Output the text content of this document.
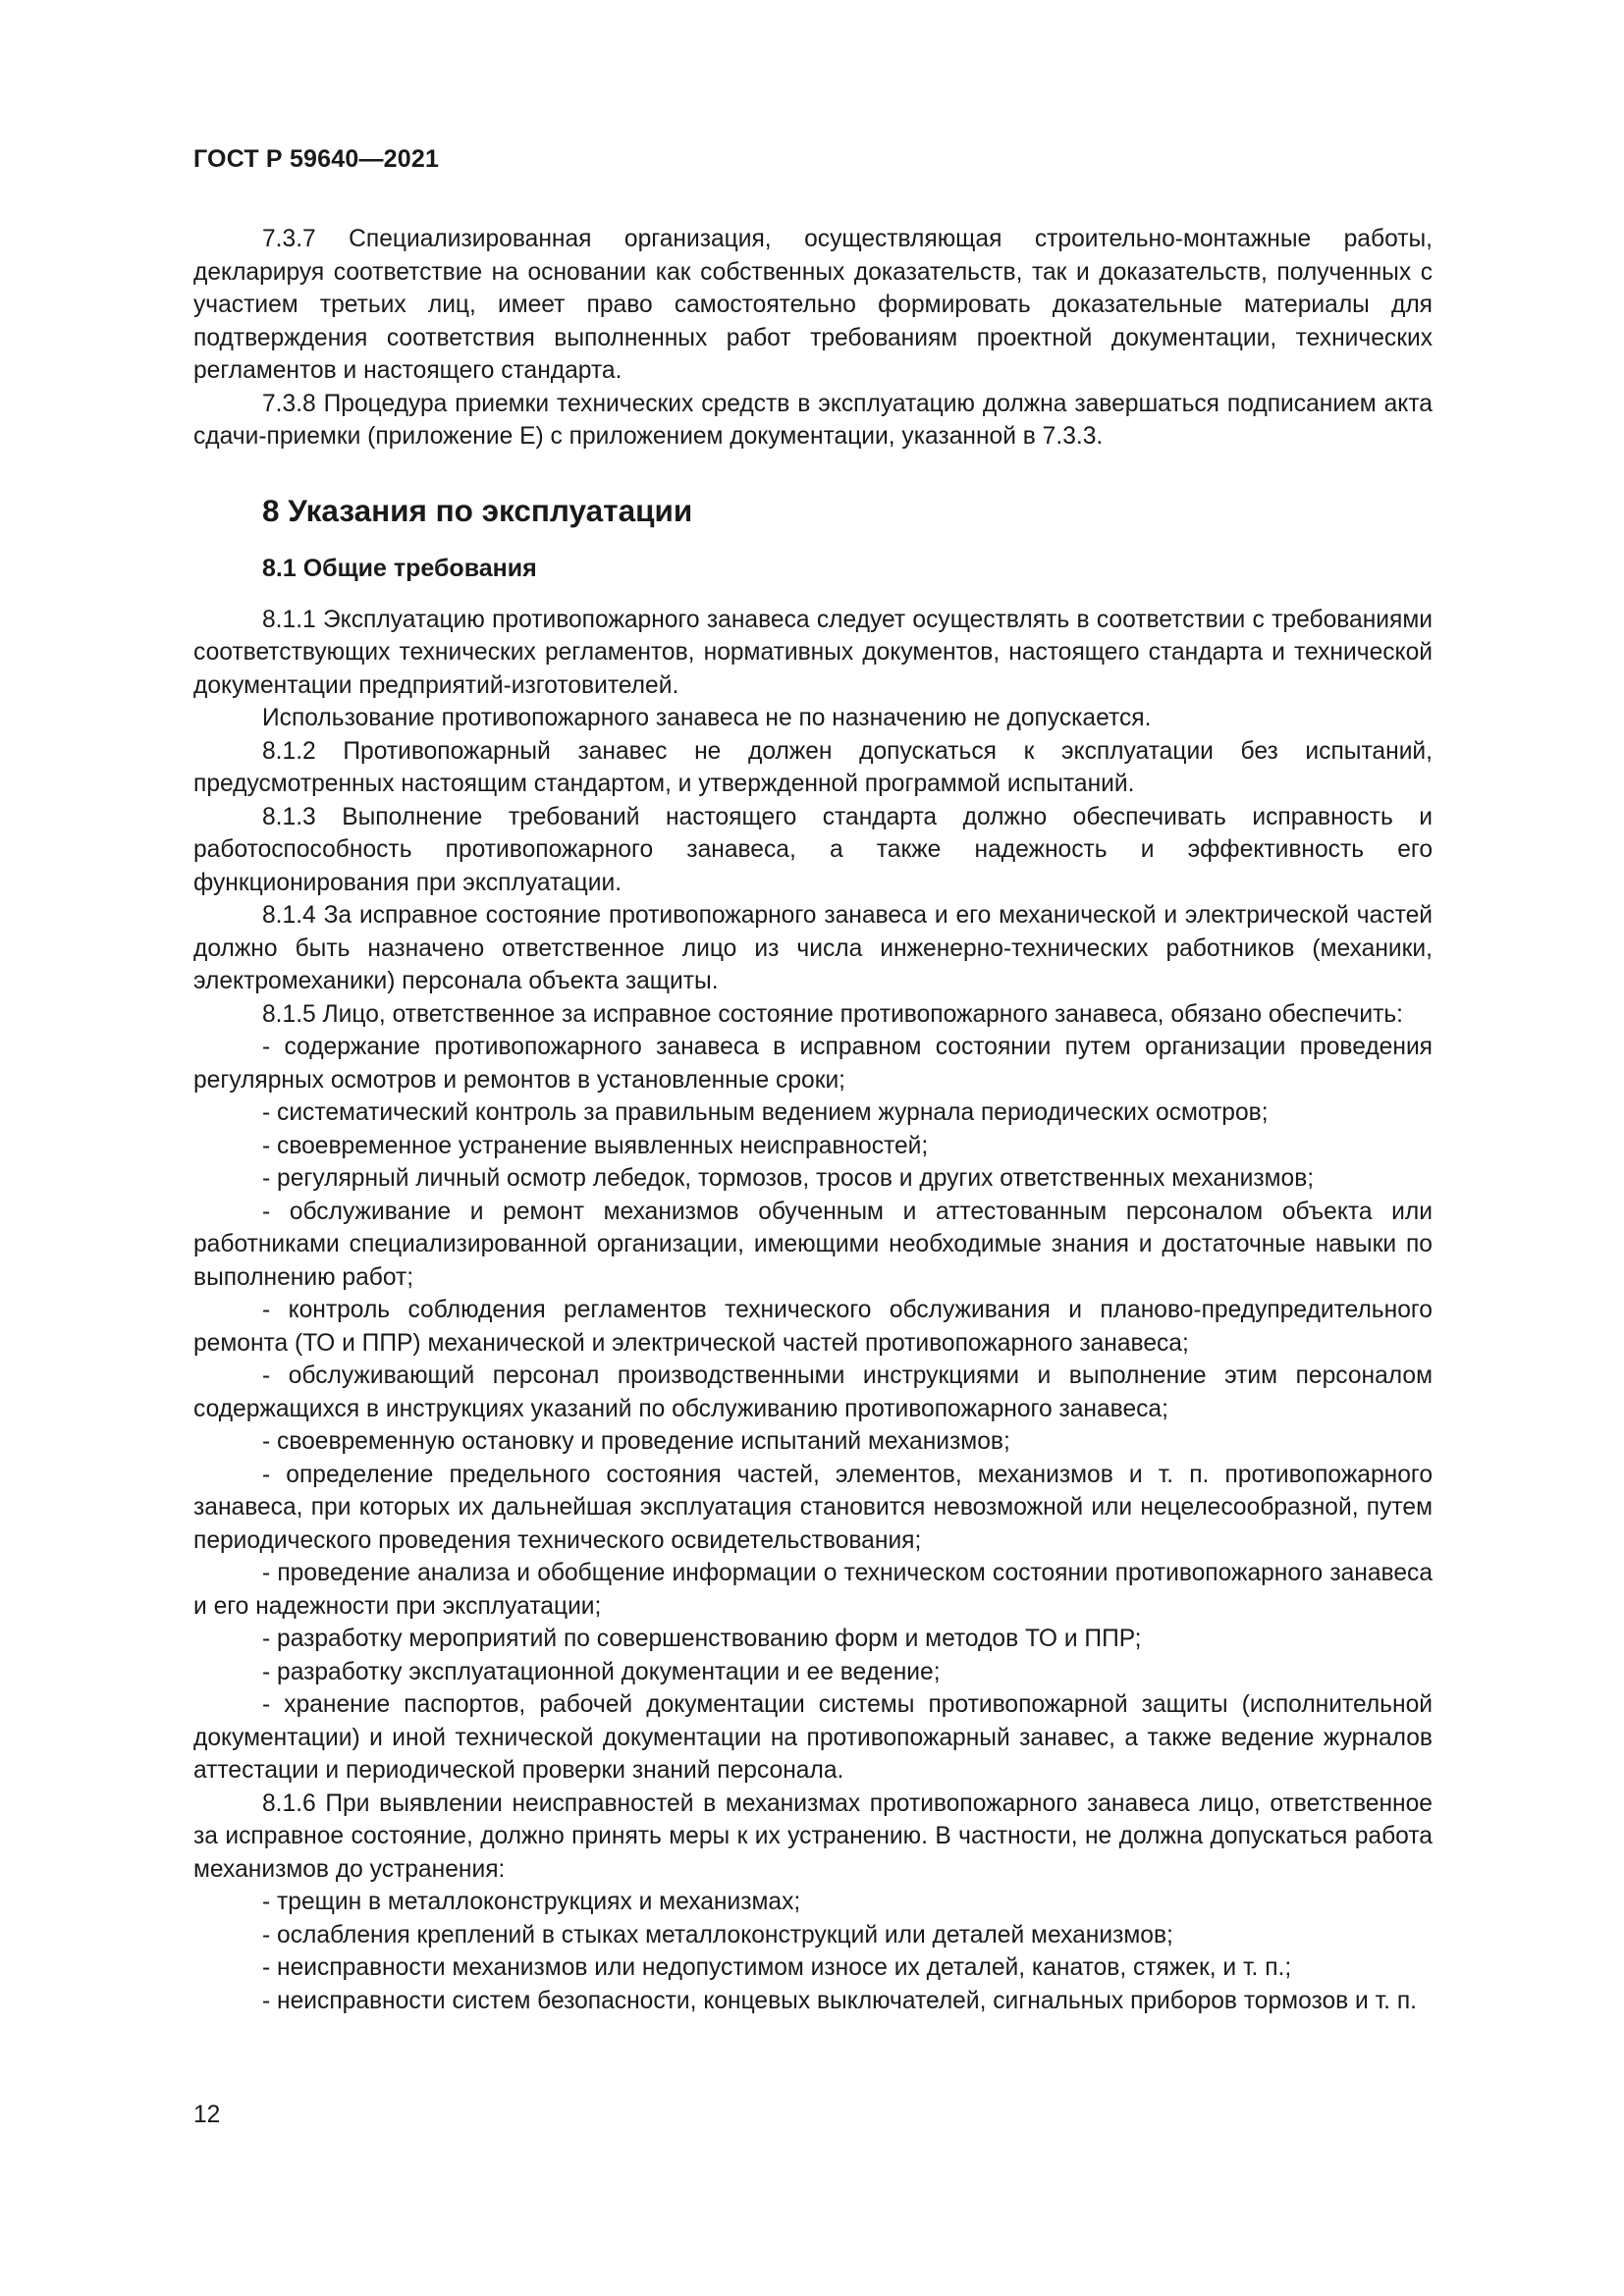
ГОСТ Р 59640—2021

7.3.7 Специализированная организация, осуществляющая строительно-монтажные работы, декларируя соответствие на основании как собственных доказательств, так и доказательств, полученных с участием третьих лиц, имеет право самостоятельно формировать доказательные материалы для подтверждения соответствия выполненных работ требованиям проектной документации, технических регламентов и настоящего стандарта.

7.3.8 Процедура приемки технических средств в эксплуатацию должна завершаться подписанием акта сдачи-приемки (приложение Е) с приложением документации, указанной в 7.3.3.

8 Указания по эксплуатации
8.1 Общие требования

8.1.1 Эксплуатацию противопожарного занавеса следует осуществлять в соответствии с требованиями соответствующих технических регламентов, нормативных документов, настоящего стандарта и технической документации предприятий-изготовителей.

Использование противопожарного занавеса не по назначению не допускается.

8.1.2 Противопожарный занавес не должен допускаться к эксплуатации без испытаний, предусмотренных настоящим стандартом, и утвержденной программой испытаний.

8.1.3 Выполнение требований настоящего стандарта должно обеспечивать исправность и работоспособность противопожарного занавеса, а также надежность и эффективность его функционирования при эксплуатации.

8.1.4 За исправное состояние противопожарного занавеса и его механической и электрической частей должно быть назначено ответственное лицо из числа инженерно-технических работников (механики, электромеханики) персонала объекта защиты.

8.1.5 Лицо, ответственное за исправное состояние противопожарного занавеса, обязано обеспечить:

- содержание противопожарного занавеса в исправном состоянии путем организации проведения регулярных осмотров и ремонтов в установленные сроки;

- систематический контроль за правильным ведением журнала периодических осмотров;

- своевременное устранение выявленных неисправностей;

- регулярный личный осмотр лебедок, тормозов, тросов и других ответственных механизмов;

- обслуживание и ремонт механизмов обученным и аттестованным персоналом объекта или работниками специализированной организации, имеющими необходимые знания и достаточные навыки по выполнению работ;

- контроль соблюдения регламентов технического обслуживания и планово-предупредительного ремонта (ТО и ППР) механической и электрической частей противопожарного занавеса;

- обслуживающий персонал производственными инструкциями и выполнение этим персоналом содержащихся в инструкциях указаний по обслуживанию противопожарного занавеса;

- своевременную остановку и проведение испытаний механизмов;

- определение предельного состояния частей, элементов, механизмов и т. п. противопожарного занавеса, при которых их дальнейшая эксплуатация становится невозможной или нецелесообразной, путем периодического проведения технического освидетельствования;

- проведение анализа и обобщение информации о техническом состоянии противопожарного занавеса и его надежности при эксплуатации;

- разработку мероприятий по совершенствованию форм и методов ТО и ППР;

- разработку эксплуатационной документации и ее ведение;

- хранение паспортов, рабочей документации системы противопожарной защиты (исполнительной документации) и иной технической документации на противопожарный занавес, а также ведение журналов аттестации и периодической проверки знаний персонала.

8.1.6 При выявлении неисправностей в механизмах противопожарного занавеса лицо, ответственное за исправное состояние, должно принять меры к их устранению. В частности, не должна допускаться работа механизмов до устранения:

- трещин в металлоконструкциях и механизмах;

- ослабления креплений в стыках металлоконструкций или деталей механизмов;

- неисправности механизмов или недопустимом износе их деталей, канатов, стяжек, и т. п.;

- неисправности систем безопасности, концевых выключателей, сигнальных приборов тормозов и т. п.

12
